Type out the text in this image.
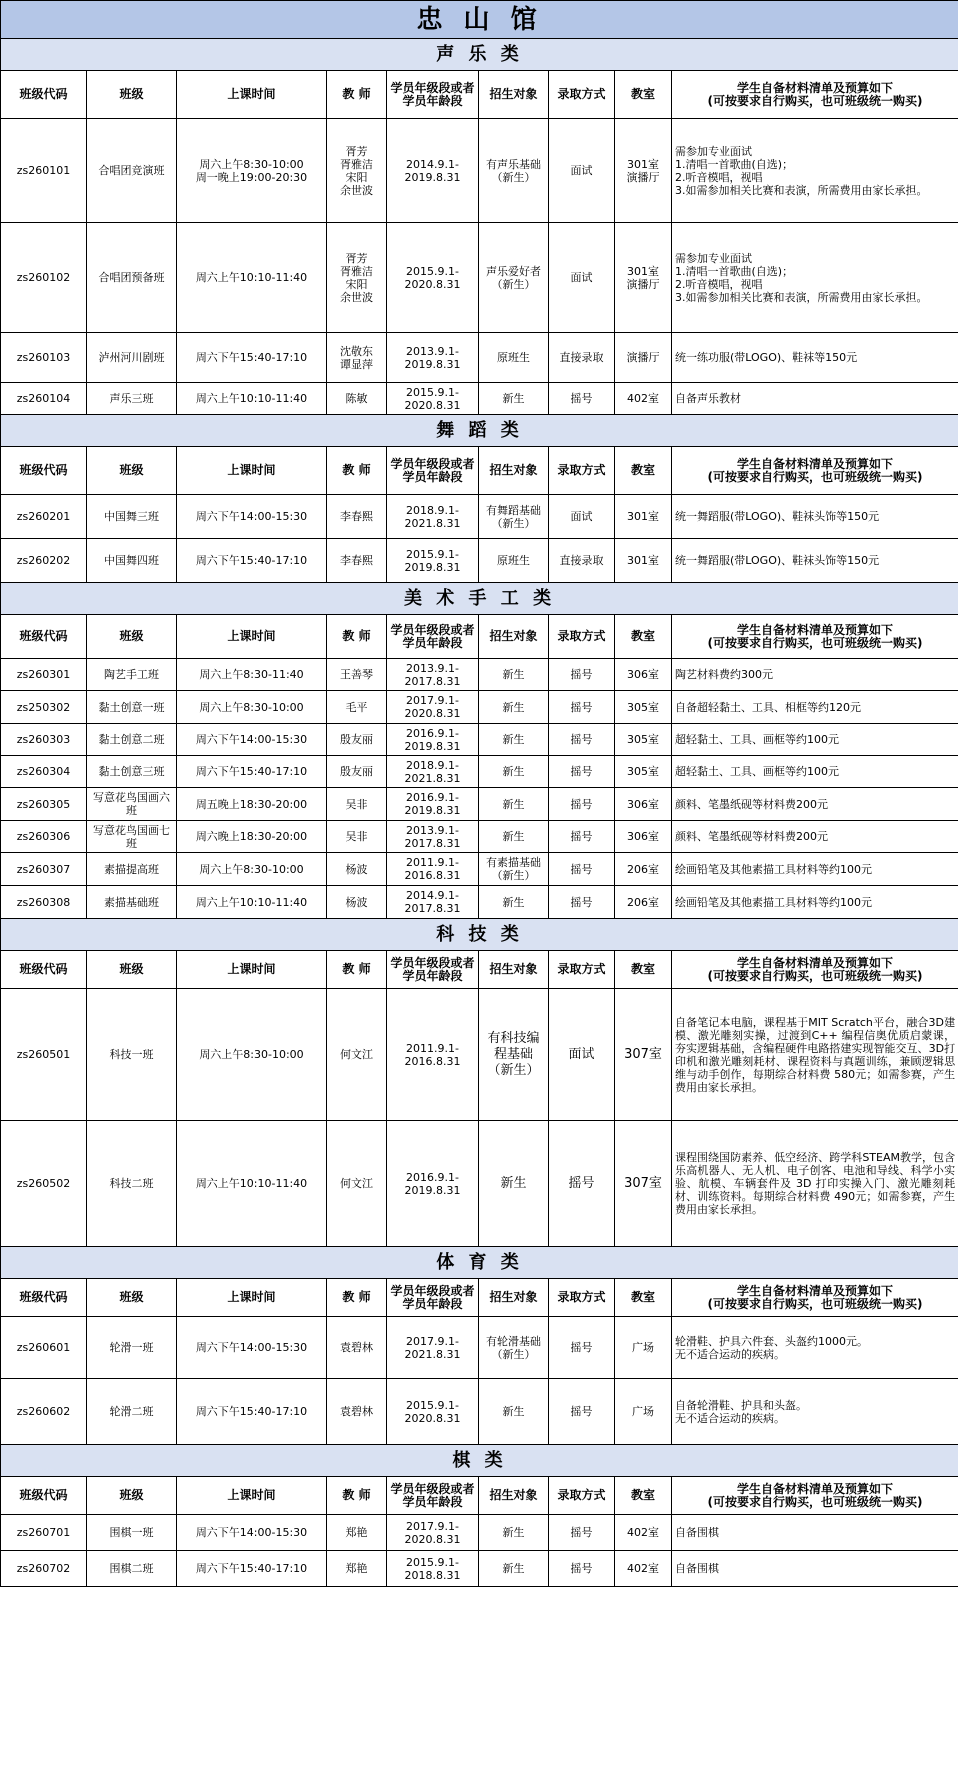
忠 山 馆								
声 乐 类								
班级代码	班级	上课时间	教 师	学员年级段或者学员年龄段	招生对象	录取方式	教室	学生自备材料清单及预算如下
(可按要求自行购买，也可班级统一购买)
zs260101	合唱团竞演班	周六上午8:30-10:00
周一晚上19:00-20:30	胥芳
胥雅洁
宋阳
余世波	2014.9.1-
2019.8.31	有声乐基础
（新生）	面试	301室
演播厅	需参加专业面试
1.清唱一首歌曲(自选)；
2.听音模唱，视唱
3.如需参加相关比赛和表演，所需费用由家长承担。
zs260102	合唱团预备班	周六上午10:10-11:40	胥芳
胥雅洁
宋阳
余世波	2015.9.1-
2020.8.31	声乐爱好者
（新生）	面试	301室
演播厅	需参加专业面试
1.清唱一首歌曲(自选)；
2.听音模唱，视唱
3.如需参加相关比赛和表演，所需费用由家长承担。
zs260103	泸州河川剧班	周六下午15:40-17:10	沈敬东
谭显萍	2013.9.1-
2019.8.31	原班生	直接录取	演播厅	统一练功服(带LOGO)、鞋袜等150元
zs260104	声乐三班	周六上午10:10-11:40	陈敏	2015.9.1-
2020.8.31	新生	摇号	402室	自备声乐教材
舞 蹈 类								
班级代码	班级	上课时间	教 师	学员年级段或者学员年龄段	招生对象	录取方式	教室	学生自备材料清单及预算如下
(可按要求自行购买，也可班级统一购买)
zs260201	中国舞三班	周六下午14:00-15:30	李春熙	2018.9.1-
2021.8.31	有舞蹈基础
（新生）	面试	301室	统一舞蹈服(带LOGO)、鞋袜头饰等150元
zs260202	中国舞四班	周六下午15:40-17:10	李春熙	2015.9.1-
2019.8.31	原班生	直接录取	301室	统一舞蹈服(带LOGO)、鞋袜头饰等150元
美 术 手 工 类								
班级代码	班级	上课时间	教 师	学员年级段或者学员年龄段	招生对象	录取方式	教室	学生自备材料清单及预算如下
(可按要求自行购买，也可班级统一购买)
zs260301	陶艺手工班	周六上午8:30-11:40	王善琴	2013.9.1-
2017.8.31	新生	摇号	306室	陶艺材料费约300元
zs250302	黏土创意一班	周六上午8:30-10:00	毛平	2017.9.1-
2020.8.31	新生	摇号	305室	自备超轻黏土、工具、相框等约120元
zs260303	黏土创意二班	周六下午14:00-15:30	殷友丽	2016.9.1-
2019.8.31	新生	摇号	305室	超轻黏土、工具、画框等约100元
zs260304	黏土创意三班	周六下午15:40-17:10	殷友丽	2018.9.1-
2021.8.31	新生	摇号	305室	超轻黏土、工具、画框等约100元
zs260305	写意花鸟国画六班	周五晚上18:30-20:00	吴非	2016.9.1-
2019.8.31	新生	摇号	306室	颜料、笔墨纸砚等材料费200元
zs260306	写意花鸟国画七班	周六晚上18:30-20:00	吴非	2013.9.1-
2017.8.31	新生	摇号	306室	颜料、笔墨纸砚等材料费200元
zs260307	素描提高班	周六上午8:30-10:00	杨波	2011.9.1-
2016.8.31	有素描基础
（新生）	摇号	206室	绘画铅笔及其他素描工具材料等约100元
zs260308	素描基础班	周六上午10:10-11:40	杨波	2014.9.1-
2017.8.31	新生	摇号	206室	绘画铅笔及其他素描工具材料等约100元
科 技 类								
班级代码	班级	上课时间	教 师	学员年级段或者学员年龄段	招生对象	录取方式	教室	学生自备材料清单及预算如下
(可按要求自行购买，也可班级统一购买)
zs260501	科技一班	周六上午8:30-10:00	何文江	2011.9.1-
2016.8.31	有科技编程基础
（新生）	面试	307室	自备笔记本电脑，课程基于MIT Scratch平台，融合3D建模、激光雕刻实操，过渡到C++ 编程信奥优质启蒙课，夯实逻辑基础，含编程硬件电路搭建实现智能交互、3D打印机和激光雕刻耗材、课程资料与真题训练，兼顾逻辑思维与动手创作，每期综合材料费 580元；如需参赛，产生费用由家长承担。
zs260502	科技二班	周六上午10:10-11:40	何文江	2016.9.1-
2019.8.31	新生	摇号	307室	课程围绕国防素养、低空经济、跨学科STEAM教学，包含乐高机器人、无人机、电子创客、电池和导线、科学小实验、航模、车辆套件及 3D 打印实操入门、激光雕刻耗材、训练资料。每期综合材料费 490元；如需参赛，产生费用由家长承担。
体 育 类								
班级代码	班级	上课时间	教 师	学员年级段或者学员年龄段	招生对象	录取方式	教室	学生自备材料清单及预算如下
(可按要求自行购买，也可班级统一购买)
zs260601	轮滑一班	周六下午14:00-15:30	袁碧林	2017.9.1-
2021.8.31	有轮滑基础
（新生）	摇号	广场	轮滑鞋、护具六件套、头盔约1000元。
无不适合运动的疾病。
zs260602	轮滑二班	周六下午15:40-17:10	袁碧林	2015.9.1-
2020.8.31	新生	摇号	广场	自备轮滑鞋、护具和头盔。
无不适合运动的疾病。
棋 类								
班级代码	班级	上课时间	教 师	学员年级段或者学员年龄段	招生对象	录取方式	教室	学生自备材料清单及预算如下
(可按要求自行购买，也可班级统一购买)
zs260701	围棋一班	周六下午14:00-15:30	郑艳	2017.9.1-
2020.8.31	新生	摇号	402室	自备围棋
zs260702	围棋二班	周六下午15:40-17:10	郑艳	2015.9.1-
2018.8.31	新生	摇号	402室	自备围棋
